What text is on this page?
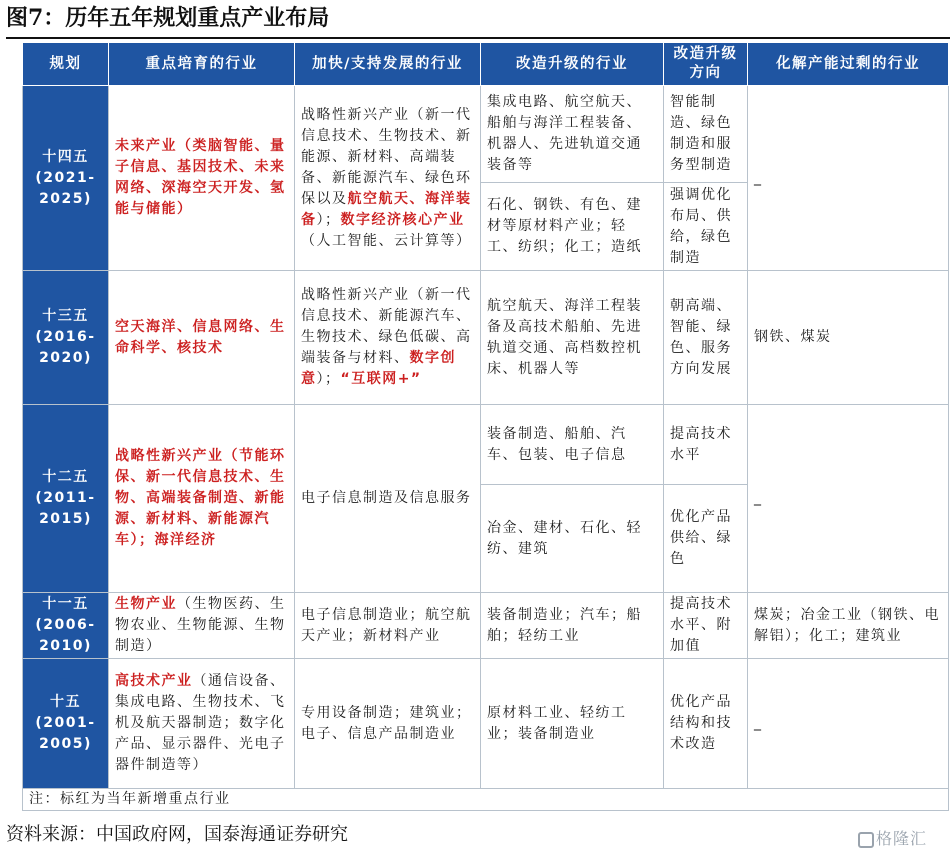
图7：历年五年规划重点产业布局
规划	重点培育的行业	加快/支持发展的行业	改造升级的行业	改造升级方向	化解产能过剩的行业
十四五
(2021-2025)	未来产业（类脑智能、量子信息、基因技术、未来网络、深海空天开发、氢能与储能）	战略性新兴产业（新一代信息技术、生物技术、新能源、新材料、高端装备、新能源汽车、绿色环保以及航空航天、海洋装备）；数字经济核心产业（人工智能、云计算等）	集成电路、航空航天、船舶与海洋工程装备、机器人、先进轨道交通装备等	智能制造、绿色制造和服务型制造	_
			石化、钢铁、有色、建材等原材料产业；轻工、纺织；化工；造纸	强调优化布局、供给，绿色制造	
十三五
(2016-2020)	空天海洋、信息网络、生命科学、核技术	战略性新兴产业（新一代信息技术、新能源汽车、生物技术、绿色低碳、高端装备与材料、数字创意）；“互联网+”	航空航天、海洋工程装备及高技术船舶、先进轨道交通、高档数控机床、机器人等	朝高端、智能、绿色、服务方向发展	钢铁、煤炭
十二五
(2011-2015)	战略性新兴产业（节能环保、新一代信息技术、生物、高端装备制造、新能源、新材料、新能源汽车）；海洋经济	电子信息制造及信息服务	装备制造、船舶、汽车、包装、电子信息	提高技术水平	_
			冶金、建材、石化、轻纺、建筑	优化产品供给、绿色	
十一五
(2006-2010)	生物产业（生物医药、生物农业、生物能源、生物制造）	电子信息制造业；航空航天产业；新材料产业	装备制造业；汽车；船舶；轻纺工业	提高技术水平、附加值	煤炭；冶金工业（钢铁、电解铝）；化工；建筑业
十五
(2001-2005)	高技术产业（通信设备、集成电路、生物技术、飞机及航天器制造；数字化产品、显示器件、光电子器件制造等）	专用设备制造；建筑业；电子、信息产品制造业	原材料工业、轻纺工业；装备制造业	优化产品结构和技术改造	_
注：标红为当年新增重点行业					
资料来源：中国政府网，国泰海通证券研究	格隆汇
